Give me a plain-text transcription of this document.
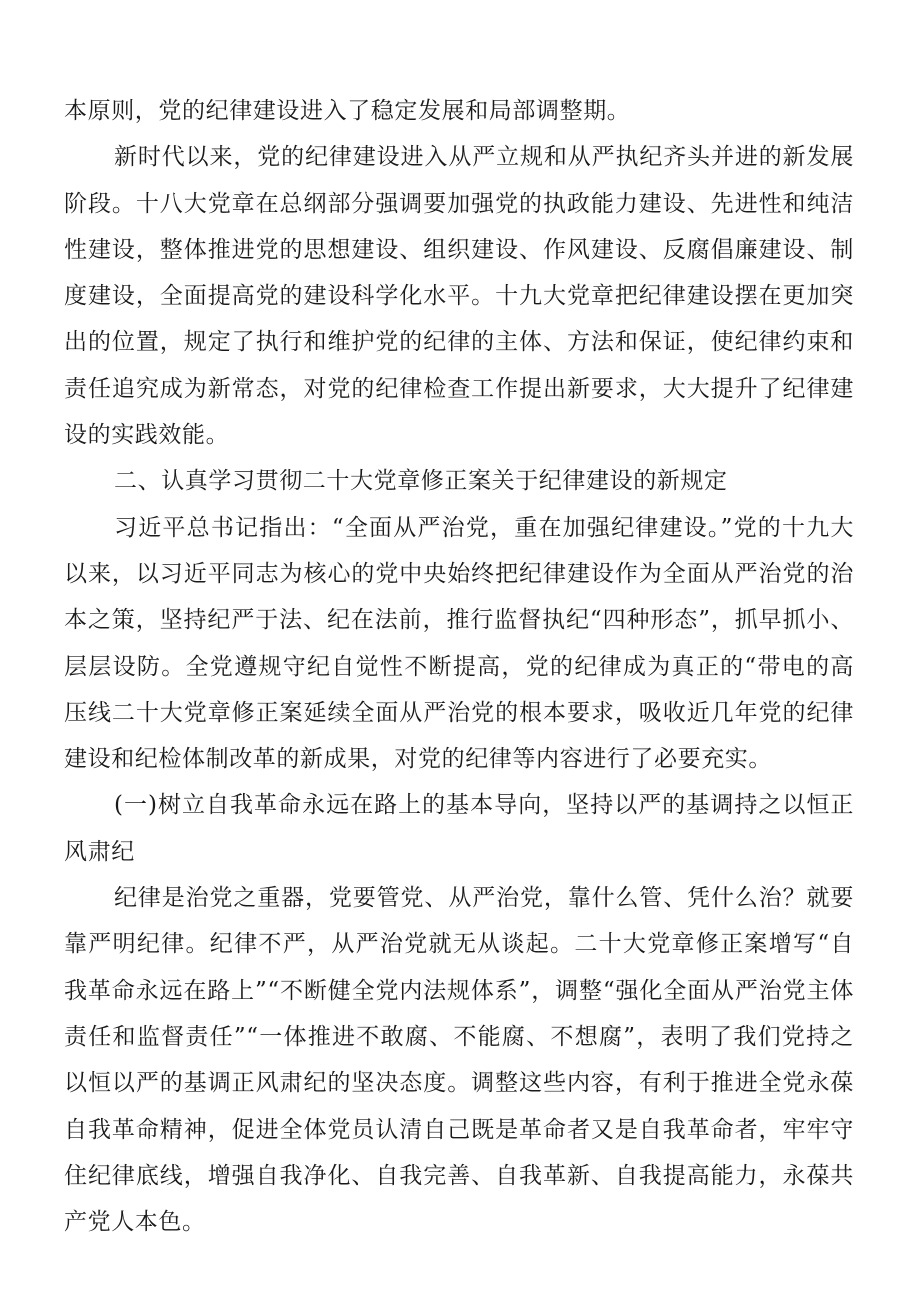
本原则，党的纪律建设进入了稳定发展和局部调整期。

新时代以来，党的纪律建设进入从严立规和从严执纪齐头并进的新发展阶段。十八大党章在总纲部分强调要加强党的执政能力建设、先进性和纯洁性建设，整体推进党的思想建设、组织建设、作风建设、反腐倡廉建设、制度建设，全面提高党的建设科学化水平。十九大党章把纪律建设摆在更加突出的位置，规定了执行和维护党的纪律的主体、方法和保证，使纪律约束和责任追究成为新常态，对党的纪律检查工作提出新要求，大大提升了纪律建设的实践效能。

二、认真学习贯彻二十大党章修正案关于纪律建设的新规定

习近平总书记指出：“全面从严治党，重在加强纪律建设。”党的十九大以来，以习近平同志为核心的党中央始终把纪律建设作为全面从严治党的治本之策，坚持纪严于法、纪在法前，推行监督执纪“四种形态”，抓早抓小、层层设防。全党遵规守纪自觉性不断提高，党的纪律成为真正的“带电的高压线二十大党章修正案延续全面从严治党的根本要求，吸收近几年党的纪律建设和纪检体制改革的新成果，对党的纪律等内容进行了必要充实。

(一)树立自我革命永远在路上的基本导向，坚持以严的基调持之以恒正风肃纪

纪律是治党之重器，党要管党、从严治党，靠什么管、凭什么治？就要靠严明纪律。纪律不严，从严治党就无从谈起。二十大党章修正案增写“自我革命永远在路上”“不断健全党内法规体系”，调整“强化全面从严治党主体责任和监督责任”“一体推进不敢腐、不能腐、不想腐”，表明了我们党持之以恒以严的基调正风肃纪的坚决态度。调整这些内容，有利于推进全党永葆自我革命精神，促进全体党员认清自己既是革命者又是自我革命者，牢牢守住纪律底线，增强自我净化、自我完善、自我革新、自我提高能力，永葆共产党人本色。
